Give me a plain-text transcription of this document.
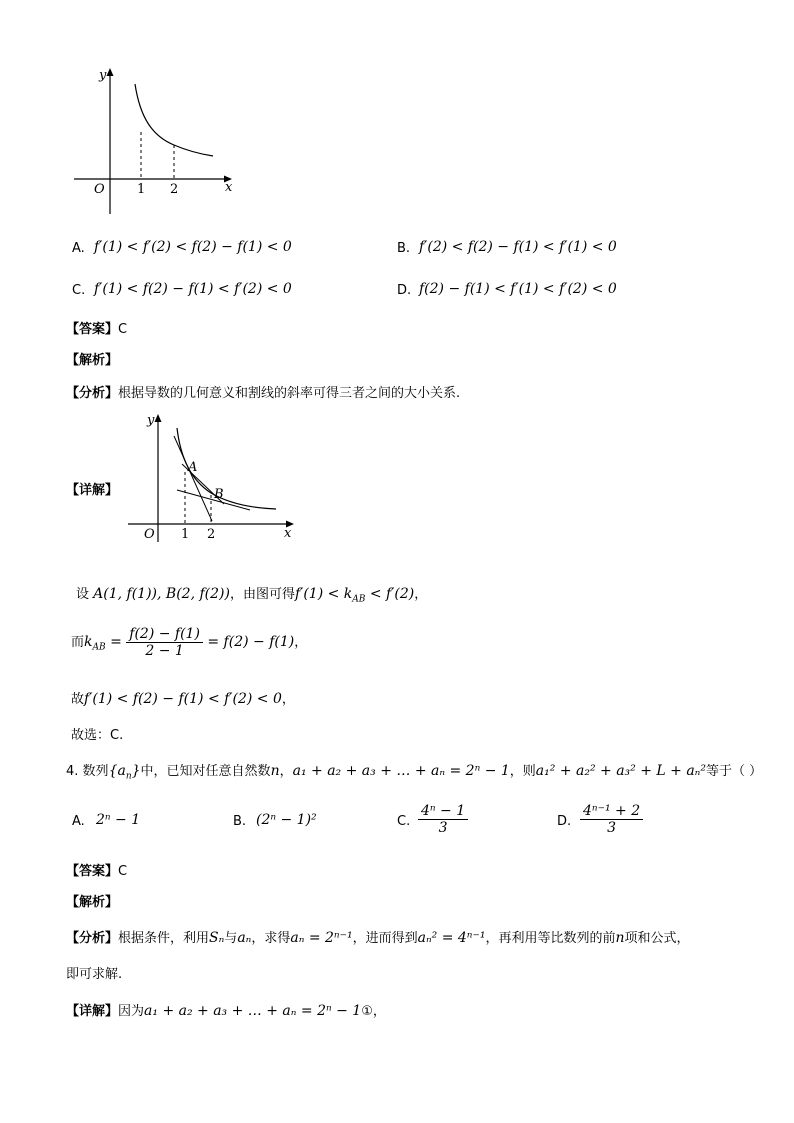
y
x
O 1 2
A. f′(1) < f′(2) < f(2) − f(1) < 0	B. f′(2) < f(2) − f(1) < f′(1) < 0
C. f′(1) < f(2) − f(1) < f′(2) < 0	D. f(2) − f(1) < f′(1) < f′(2) < 0
【答案】C
【解析】
【分析】根据导数的几何意义和割线的斜率可得三者之间的大小关系.
【详解】
A
B
y
x
O 1 2
设 A(1, f(1)), B(2, f(2))，由图可得$f'(1) < k_{AB} < f'(2)$，
而$k_{AB} = \frac{f(2) - f(1)}{2 - 1} = f(2) - f(1)$，
故f′(1) < f(2) − f(1) < f′(2) < 0，
故选：C.
4. 数列$\{a_n\}$中，已知对任意自然数n，a₁ + a₂ + a₃ + … + aₙ = 2ⁿ − 1，则a₁² + a₂² + a₃² + L + aₙ²等于（ ）
A. 2ⁿ − 1	B. (2ⁿ − 1)²	C. $\frac{\text{4ⁿ − 1}}{3}$	D. $\frac{\text{4ⁿ⁻¹ + 2}}{3}$
【答案】C
【解析】
【分析】根据条件，利用Sₙ与aₙ，求得aₙ = 2ⁿ⁻¹，进而得到aₙ² = 4ⁿ⁻¹，再利用等比数列的前n项和公式，
即可求解.
【详解】因为a₁ + a₂ + a₃ + … + aₙ = 2ⁿ − 1①，
